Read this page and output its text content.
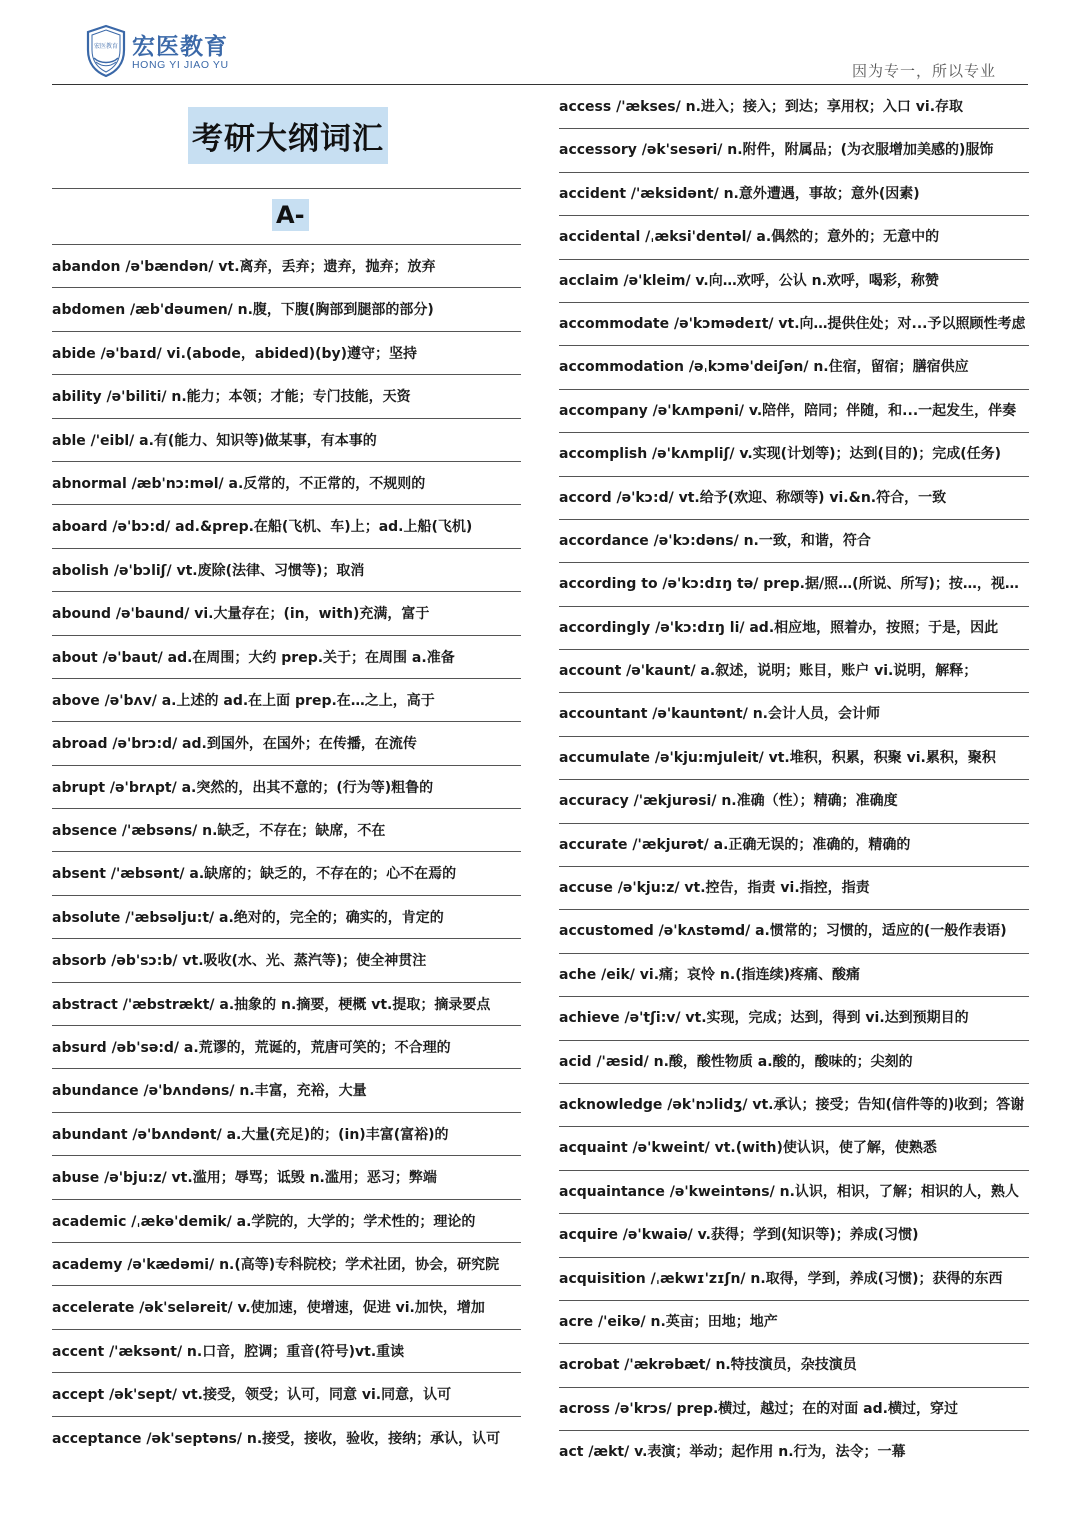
宏医教育 宏医教育
HONG YI JIAO YU	因为专一，所以专业
考研大纲词汇
A-
abandon /ə'bændən/ vt.离弃，丢弃；遗弃，抛弃；放弃
abdomen /æb'dəumen/ n.腹，下腹(胸部到腿部的部分)
abide /ə'baɪd/ vi.(abode，abided)(by)遵守；坚持
ability /ə'biliti/ n.能力；本领；才能；专门技能，天资
able /'eibl/ a.有(能力、知识等)做某事，有本事的
abnormal /æb'nɔ:məl/ a.反常的，不正常的，不规则的
aboard /ə'bɔ:d/ ad.&prep.在船(飞机、车)上；ad.上船(飞机)
abolish /ə'bɔliʃ/ vt.废除(法律、习惯等)；取消
abound /ə'baund/ vi.大量存在；(in，with)充满，富于
about /ə'baut/ ad.在周围；大约 prep.关于；在周围 a.准备
above /ə'bʌv/ a.上述的 ad.在上面 prep.在…之上，高于
abroad /ə'brɔ:d/ ad.到国外，在国外；在传播，在流传
abrupt /ə'brʌpt/ a.突然的，出其不意的；(行为等)粗鲁的
absence /'æbsəns/ n.缺乏，不存在；缺席，不在
absent /'æbsənt/ a.缺席的；缺乏的，不存在的；心不在焉的
absolute /'æbsəlju:t/ a.绝对的，完全的；确实的，肯定的
absorb /əb'sɔ:b/ vt.吸收(水、光、蒸汽等)；使全神贯注
abstract /'æbstrækt/ a.抽象的 n.摘要，梗概 vt.提取；摘录要点
absurd /əb'sə:d/ a.荒谬的，荒诞的，荒唐可笑的；不合理的
abundance /ə'bʌndəns/ n.丰富，充裕，大量
abundant /ə'bʌndənt/ a.大量(充足)的；(in)丰富(富裕)的
abuse /ə'bju:z/ vt.滥用；辱骂；诋毁 n.滥用；恶习；弊端
academic /ˌækə'demik/ a.学院的，大学的；学术性的；理论的
academy /ə'kædəmi/ n.(高等)专科院校；学术社团，协会，研究院
accelerate /ək'seləreit/ v.使加速，使增速，促进 vi.加快，增加
accent /'æksənt/ n.口音，腔调；重音(符号)vt.重读
accept /ək'sept/ vt.接受，领受；认可，同意 vi.同意，认可
acceptance /ək'septəns/ n.接受，接收，验收，接纳；承认，认可
access /'ækses/ n.进入；接入；到达；享用权；入口 vi.存取
accessory /ək'sesəri/ n.附件，附属品；(为衣服增加美感的)服饰
accident /'æksidənt/ n.意外遭遇，事故；意外(因素)
accidental /ˌæksi'dentəl/ a.偶然的；意外的；无意中的
acclaim /ə'kleim/ v.向…欢呼，公认 n.欢呼，喝彩，称赞
accommodate /ə'kɔmədeɪt/ vt.向…提供住处；对...予以照顾性考虑
accommodation /əˌkɔmə'deiʃən/ n.住宿，留宿；膳宿供应
accompany /ə'kʌmpəni/ v.陪伴，陪同；伴随，和...一起发生，伴奏
accomplish /ə'kʌmpliʃ/ v.实现(计划等)；达到(目的)；完成(任务)
accord /ə'kɔ:d/ vt.给予(欢迎、称颂等) vi.&n.符合，一致
accordance /ə'kɔ:dəns/ n.一致，和谐，符合
according to /ə'kɔ:dɪŋ tə/ prep.据/照…(所说、所写)；按…，视…
accordingly /ə'kɔ:dɪŋ li/ ad.相应地，照着办，按照；于是，因此
account /ə'kaunt/ a.叙述，说明；账目，账户 vi.说明，解释；
accountant /ə'kauntənt/ n.会计人员，会计师
accumulate /ə'kju:mjuleit/ vt.堆积，积累，积聚 vi.累积，聚积
accuracy /'ækjurəsi/ n.准确（性）；精确；准确度
accurate /'ækjurət/ a.正确无误的；准确的，精确的
accuse /ə'kju:z/ vt.控告，指责 vi.指控，指责
accustomed /ə'kʌstəmd/ a.惯常的；习惯的，适应的(一般作表语)
ache /eik/ vi.痛；哀怜 n.(指连续)疼痛、酸痛
achieve /ə'tʃi:v/ vt.实现，完成；达到，得到 vi.达到预期目的
acid /'æsid/ n.酸，酸性物质 a.酸的，酸味的；尖刻的
acknowledge /ək'nɔlidʒ/ vt.承认；接受；告知(信件等的)收到；答谢
acquaint /ə'kweint/ vt.(with)使认识，使了解，使熟悉
acquaintance /ə'kweintəns/ n.认识，相识，了解；相识的人，熟人
acquire /ə'kwaiə/ v.获得；学到(知识等)；养成(习惯)
acquisition /ˌækwɪ'zɪʃn/ n.取得，学到，养成(习惯)；获得的东西
acre /'eikə/ n.英亩；田地；地产
acrobat /'ækrəbæt/ n.特技演员，杂技演员
across /ə'krɔs/ prep.横过，越过；在的对面 ad.横过，穿过
act /ækt/ v.表演；举动；起作用 n.行为，法令；一幕
